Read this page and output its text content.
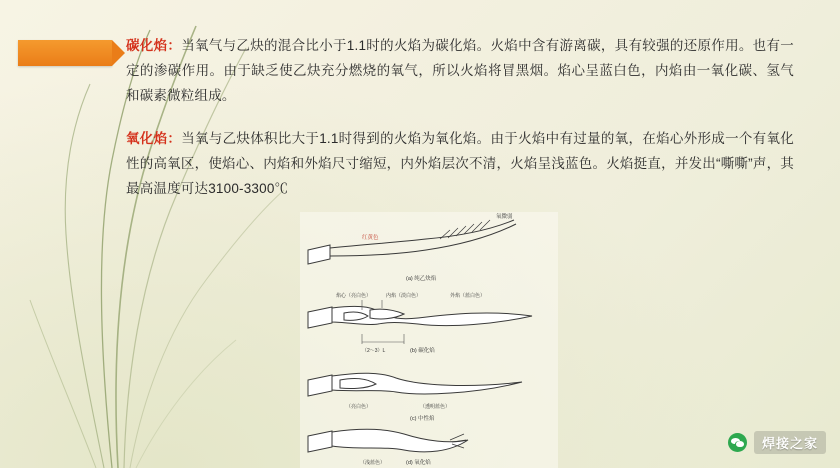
碳化焰：当氧气与乙炔的混合比小于1.1时的火焰为碳化焰。火焰中含有游离碳，具有较强的还原作用。也有一定的渗碳作用。由于缺乏使乙炔充分燃烧的氧气，所以火焰将冒黑烟。焰心呈蓝白色，内焰由一氧化碳、氢气和碳素微粒组成。
氧化焰：当氧与乙炔体积比大于1.1时得到的火焰为氧化焰。由于火焰中有过量的氧，在焰心外形成一个有氧化性的高氧区，使焰心、内焰和外焰尺寸缩短，内外焰层次不清，火焰呈浅蓝色。火焰挺直，并发出“嘶嘶”声，其最高温度可达3100-3300℃
红黄色
氧微弱
(a) 纯乙炔焰
焰心（亮白色）	内焰（淡白色）	外焰（蓝白色）
（2～3）L	(b) 碳化焰
（亮白色）	（透明蓝色）
(c) 中性焰
(d) 氧化焰
（浅蓝色）
焊接之家
